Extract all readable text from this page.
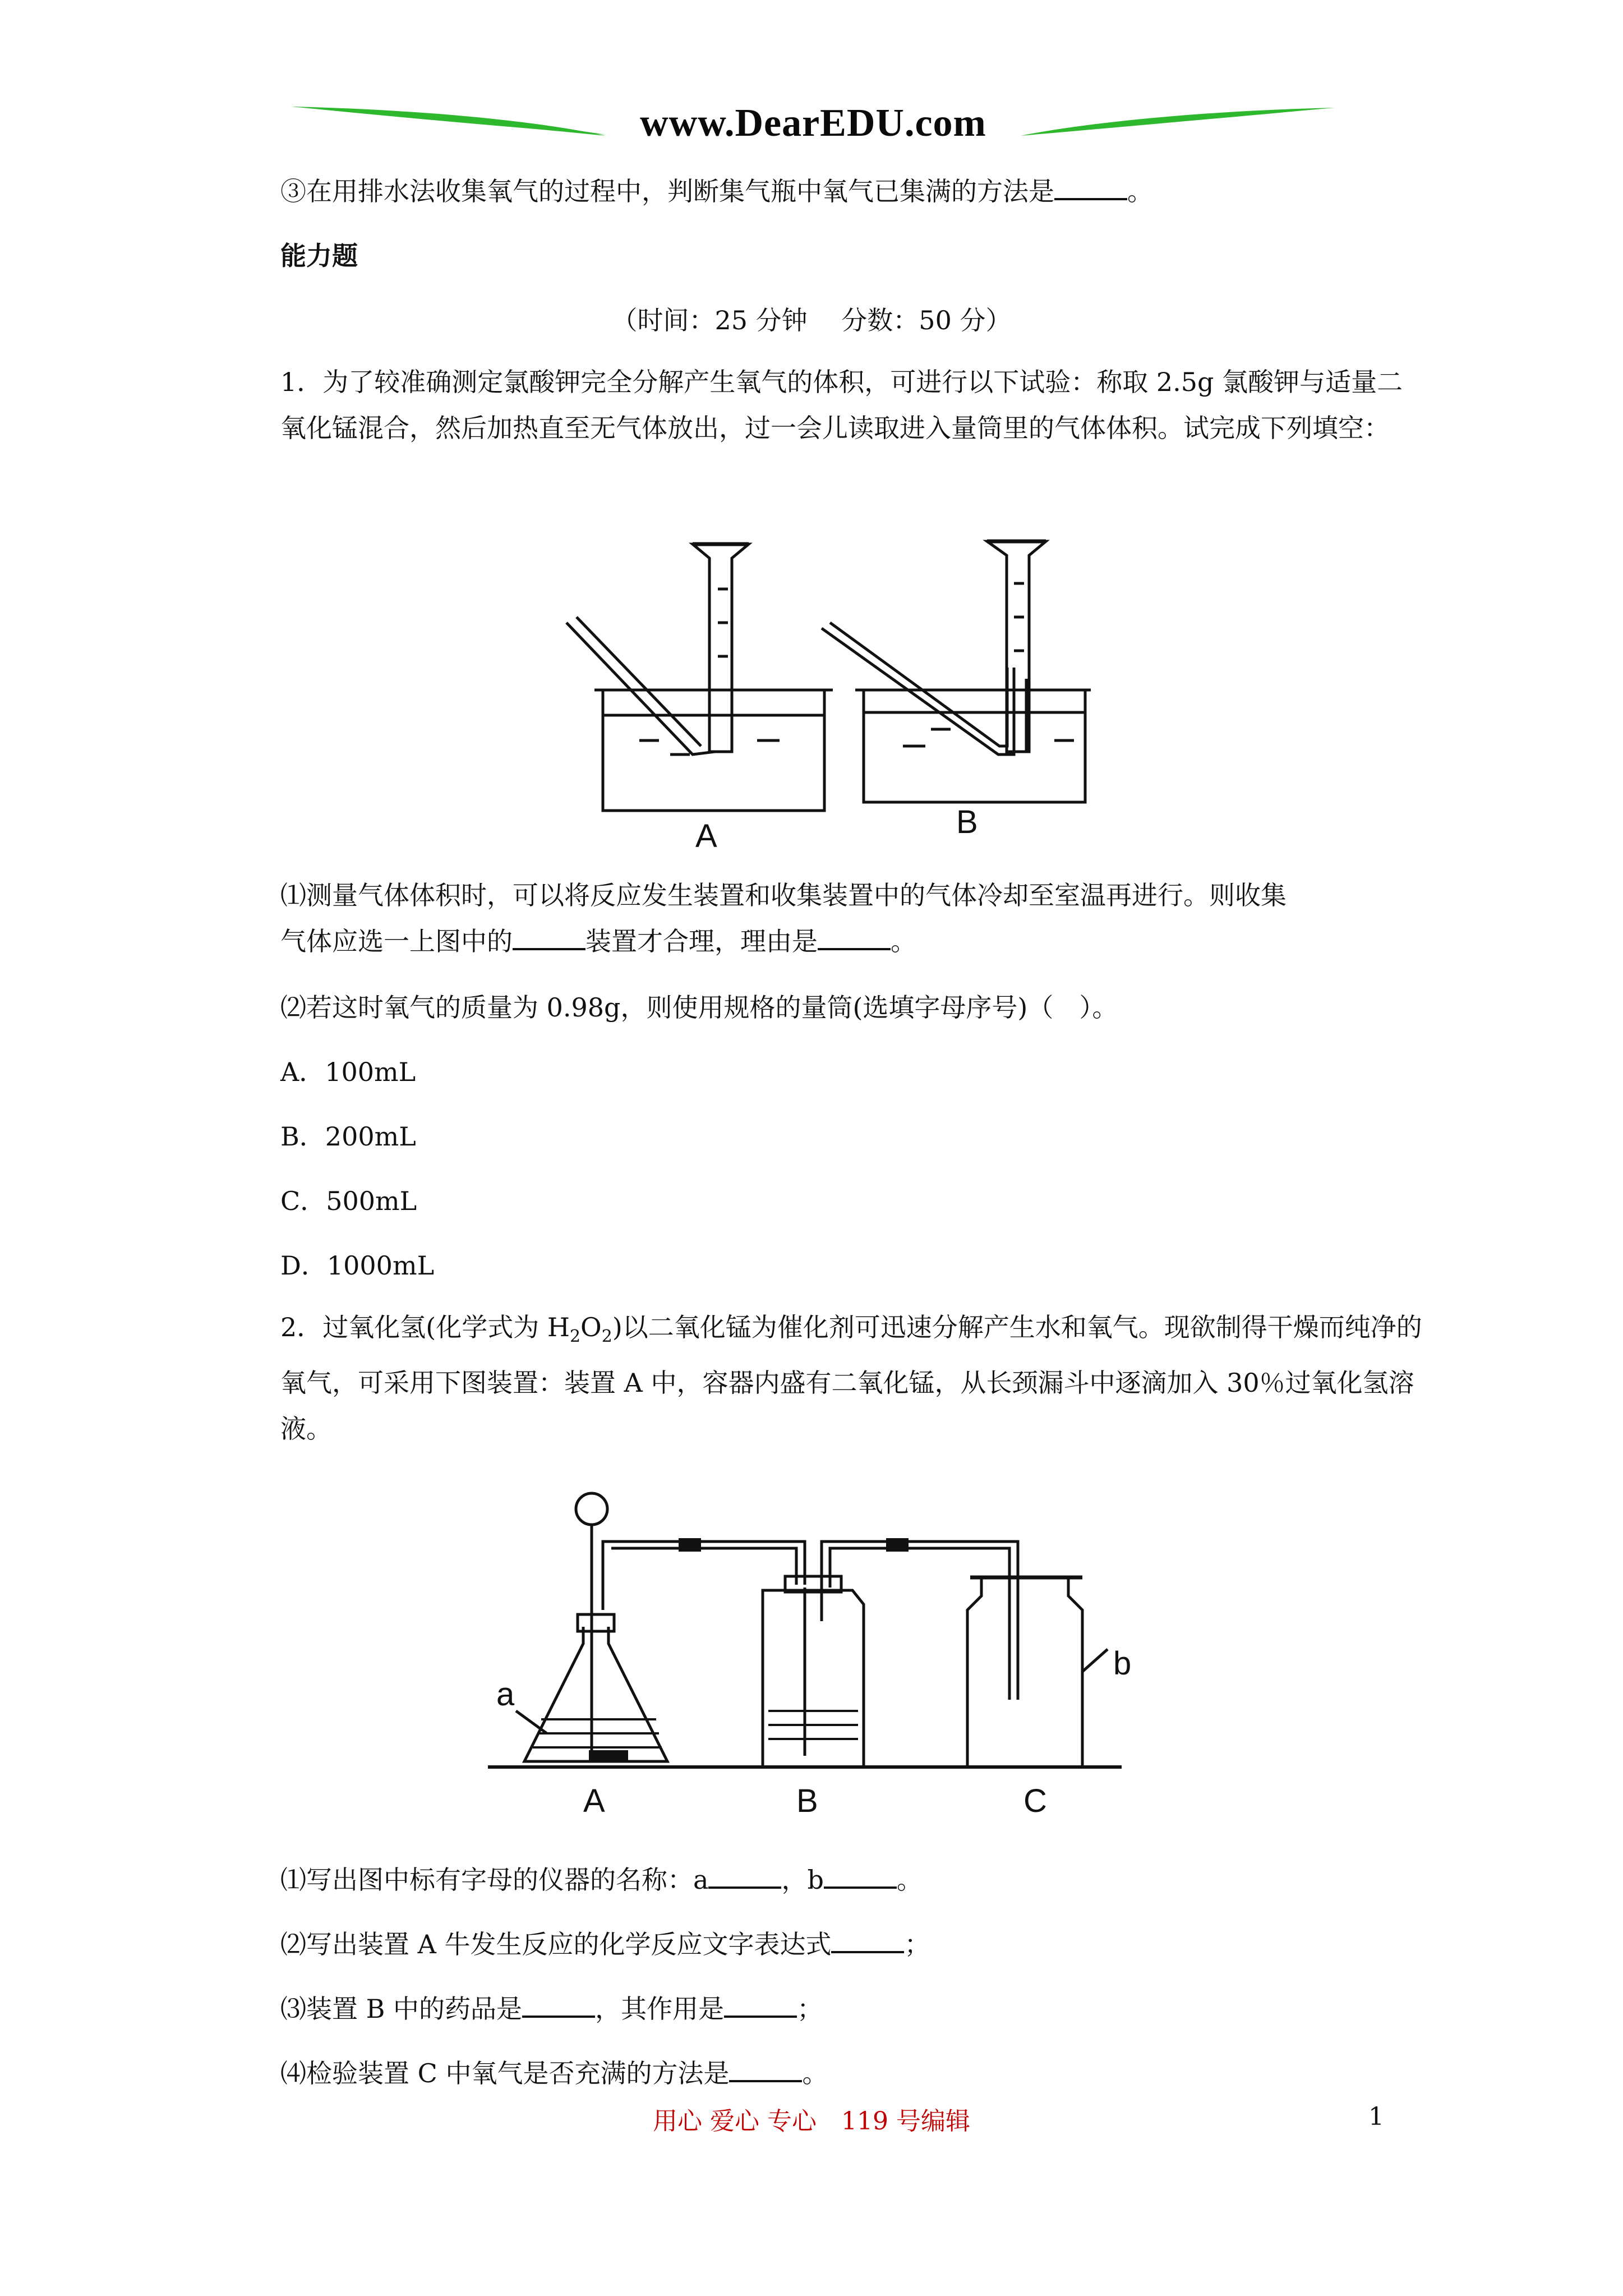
www.DearEDU.com
③在用排水法收集氧气的过程中，判断集气瓶中氧气已集满的方法是	。
能力题
（时间：25 分钟　 分数：50 分）
1．为了较准确测定氯酸钾完全分解产生氧气的体积，可进行以下试验：称取 2.5g 氯酸钾与适量二氧化锰混合，然后加热直至无气体放出，过一会儿读取进入量筒里的气体体积。试完成下列填空：
A	B
⑴测量气体体积时，可以将反应发生装置和收集装置中的气体冷却至室温再进行。则收集
气体应选一上图中的	装置才合理，理由是	。
⑵若这时氧气的质量为 0.98g，则使用规格的量筒(选填字母序号)（　）。
A．100mL
B．200mL
C．500mL
D．1000mL
2．过氧化氢(化学式为 $H_2O_2$)以二氧化锰为催化剂可迅速分解产生水和氧气。现欲制得干燥而纯净的氧气，可采用下图装置：装置 A 中，容器内盛有二氧化锰，从长颈漏斗中逐滴加入 30％过氧化氢溶液。
a
b
A	B	C
⑴写出图中标有字母的仪器的名称：a	，b	。
⑵写出装置 A 牛发生反应的化学反应文字表达式	；
⑶装置 B 中的药品是	，其作用是	；
⑷检验装置 C 中氧气是否充满的方法是	。
用心 爱心 专心　119 号编辑	1
